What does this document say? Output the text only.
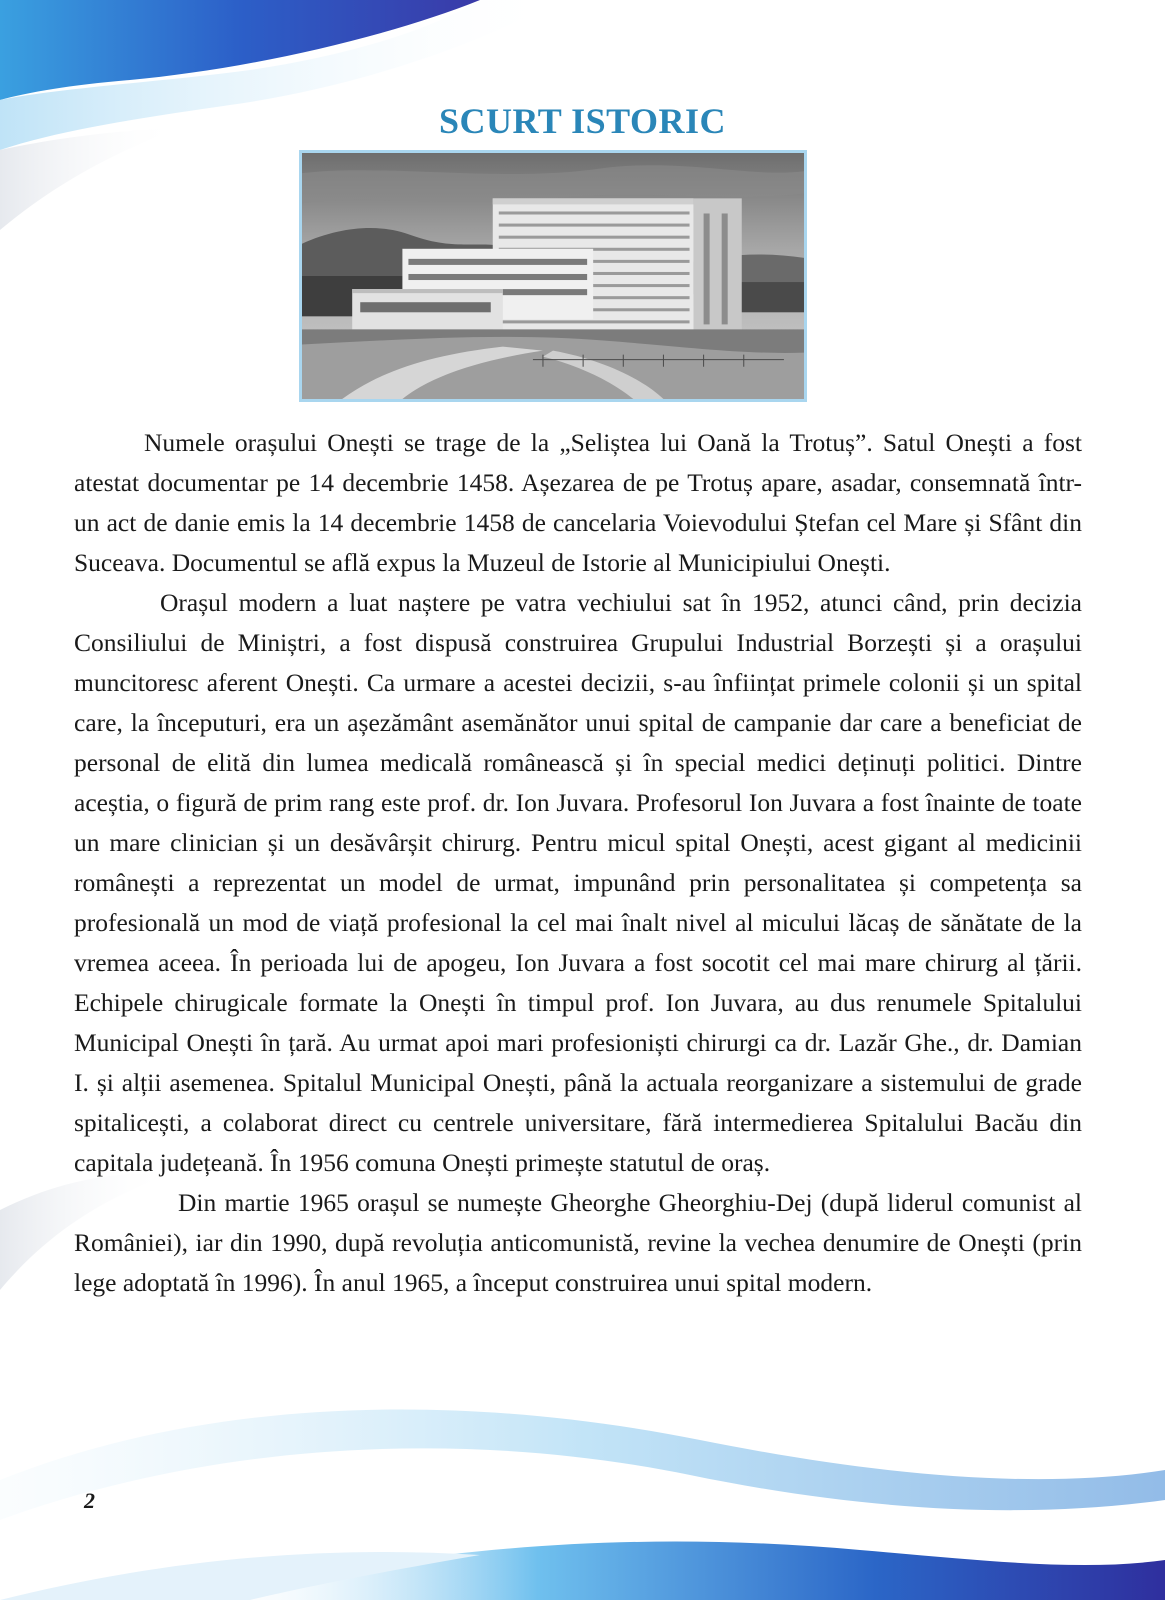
SCURT ISTORIC

Numele orașului Onești se trage de la „Seliștea lui Oană la Trotuș”. Satul Onești a fost atestat documentar pe 14 decembrie 1458. Așezarea de pe Trotuș apare, asadar, consemnată într-un act de danie emis la 14 decembrie 1458 de cancelaria Voievodului Ștefan cel Mare și Sfânt din Suceava. Documentul se află expus la Muzeul de Istorie al Municipiului Onești.

Orașul modern a luat naștere pe vatra vechiului sat în 1952, atunci când, prin decizia Consiliului de Miniștri, a fost dispusă construirea Grupului Industrial Borzești și a orașului muncitoresc aferent Onești. Ca urmare a acestei decizii, s-au înființat primele colonii și un spital care, la începuturi, era un așezământ asemănător unui spital de campanie dar care a beneficiat de personal de elită din lumea medicală românească și în special medici deținuți politici. Dintre aceștia, o figură de prim rang este prof. dr. Ion Juvara. Profesorul Ion Juvara a fost înainte de toate un mare clinician și un desăvârșit chirurg. Pentru micul spital Onești, acest gigant al medicinii românești a reprezentat un model de urmat, impunând prin personalitatea și competența sa profesională un mod de viață profesional la cel mai înalt nivel al micului lăcaș de sănătate de la vremea aceea. În perioada lui de apogeu, Ion Juvara a fost socotit cel mai mare chirurg al țării. Echipele chirugicale formate la Onești în timpul prof. Ion Juvara, au dus renumele Spitalului Municipal Onești în țară. Au urmat apoi mari profesioniști chirurgi ca dr. Lazăr Ghe., dr. Damian I. și alții asemenea. Spitalul Municipal Onești, până la actuala reorganizare a sistemului de grade spitalicești, a colaborat direct cu centrele universitare, fără intermedierea Spitalului Bacău din capitala județeană. În 1956 comuna Onești primește statutul de oraș.

Din martie 1965 orașul se numește Gheorghe Gheorghiu-Dej (după liderul comunist al României), iar din 1990, după revoluția anticomunistă, revine la vechea denumire de Onești (prin lege adoptată în 1996). În anul 1965, a început construirea unui spital modern.

2
